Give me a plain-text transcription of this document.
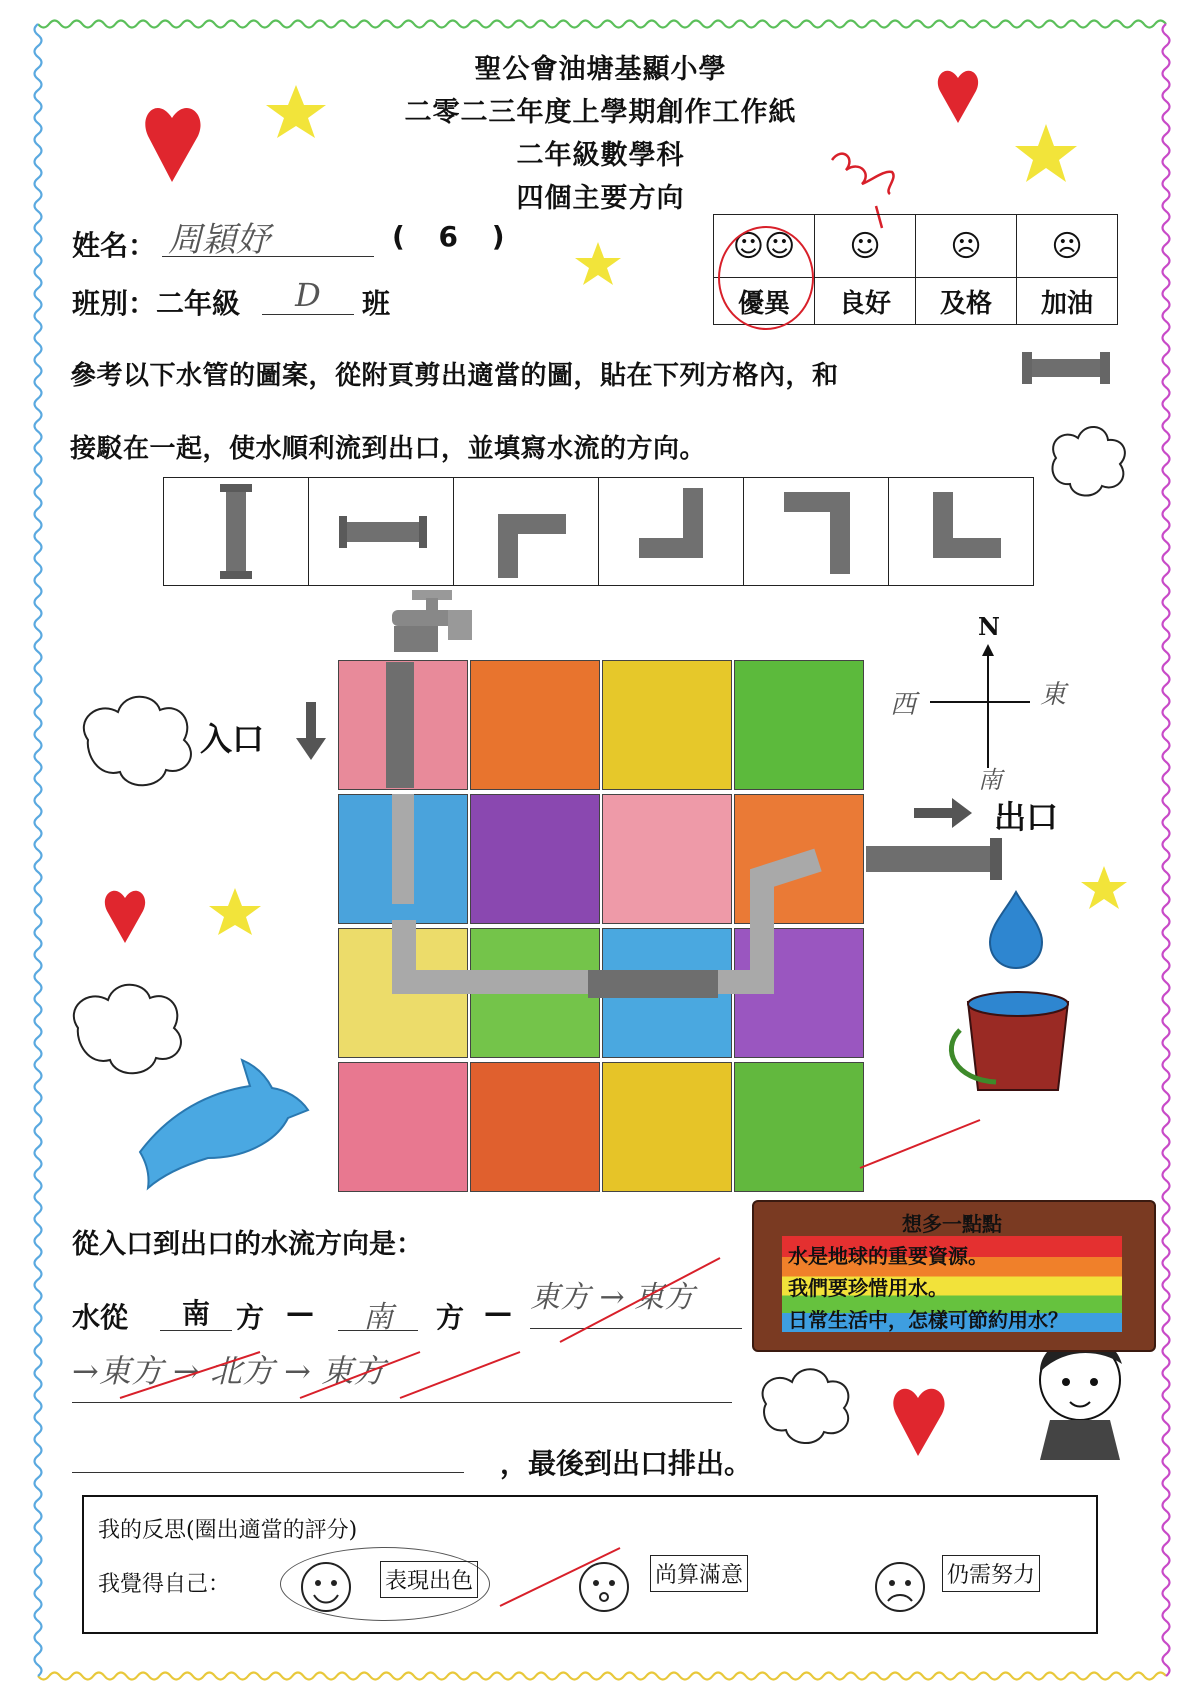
聖公會油塘基顯小學
二零二三年度上學期創作工作紙
二年級數學科
四個主要方向
姓名： 周穎妤	( 6 )
班別：二年級	D	班
☺☺	☺	☹	☹
優異	良好	及格	加油
參考以下水管的圖案，從附頁剪出適當的圖，貼在下列方格內，和
接駁在一起，使水順利流到出口，並填寫水流的方向。
入口
出口
N
西	東
南
從入口到出口的水流方向是：
水從	南 方 —	南	方 — 東方 → 東方
→東方 → 北方 → 東方
，最後到出口排出。
想多一點點
水是地球的重要資源。
我們要珍惜用水。
日常生活中，怎樣可節約用水？
我的反思(圈出適當的評分)
我覺得自己：	表現出色	尚算滿意	仍需努力
